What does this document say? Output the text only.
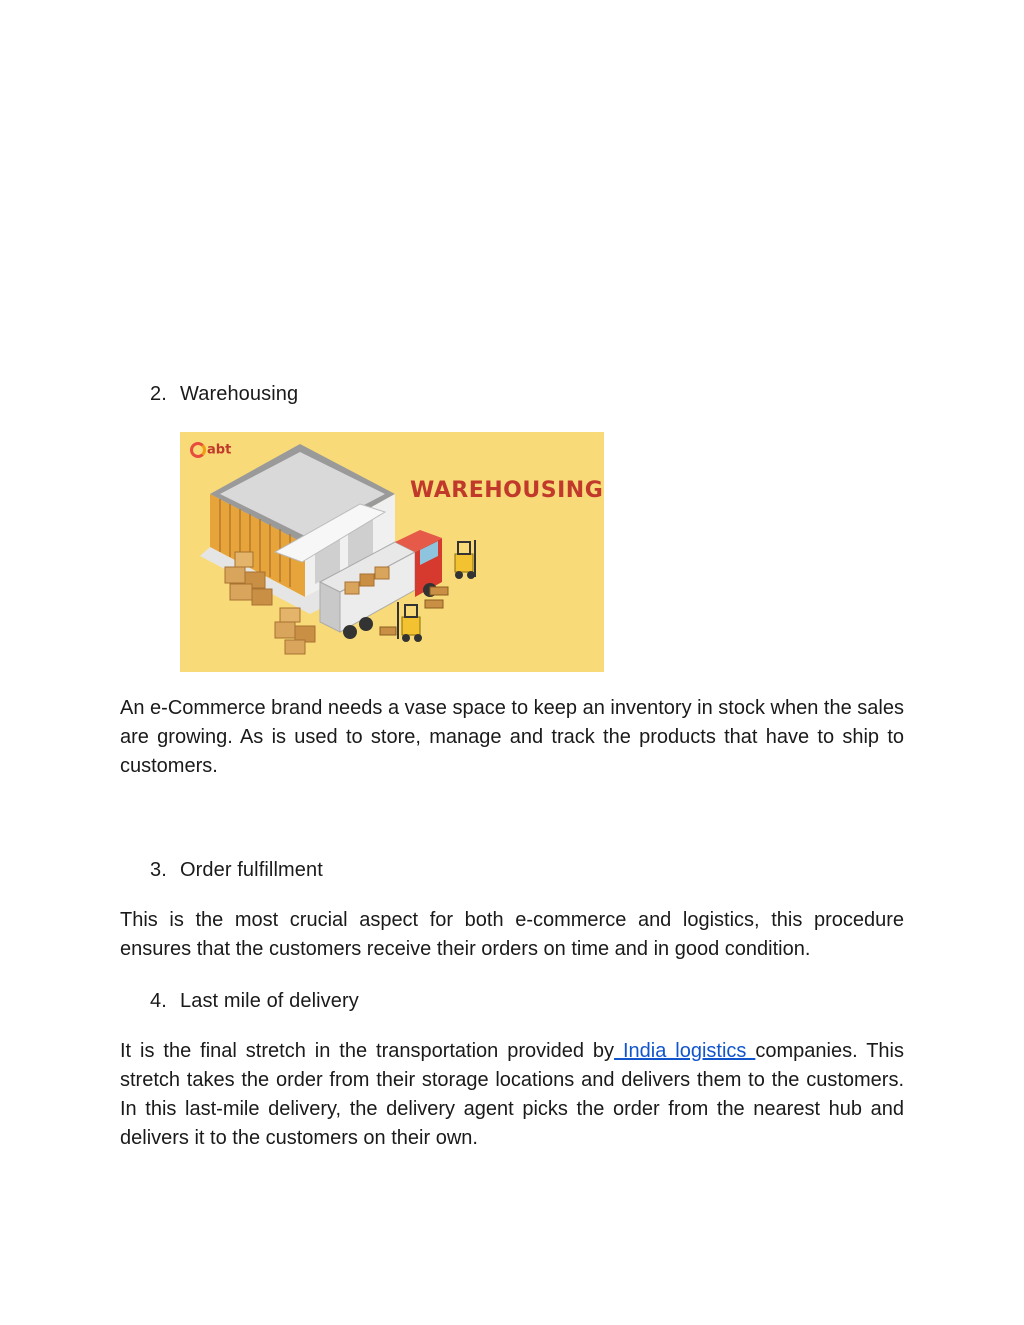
2. Warehousing
abt
WAREHOUSING
An e-Commerce brand needs a vase space to keep an inventory in stock when the sales are growing. As is used to store, manage and track the products that have to ship to customers.
3. Order fulfillment
This is the most crucial aspect for both e-commerce and logistics, this procedure ensures that the customers receive their orders on time and in good condition.
4. Last mile of delivery
It is the final stretch in the transportation provided by India logistics companies. This stretch takes the order from their storage locations and delivers them to the customers. In this last-mile delivery, the delivery agent picks the order from the nearest hub and delivers it to the customers on their own.
